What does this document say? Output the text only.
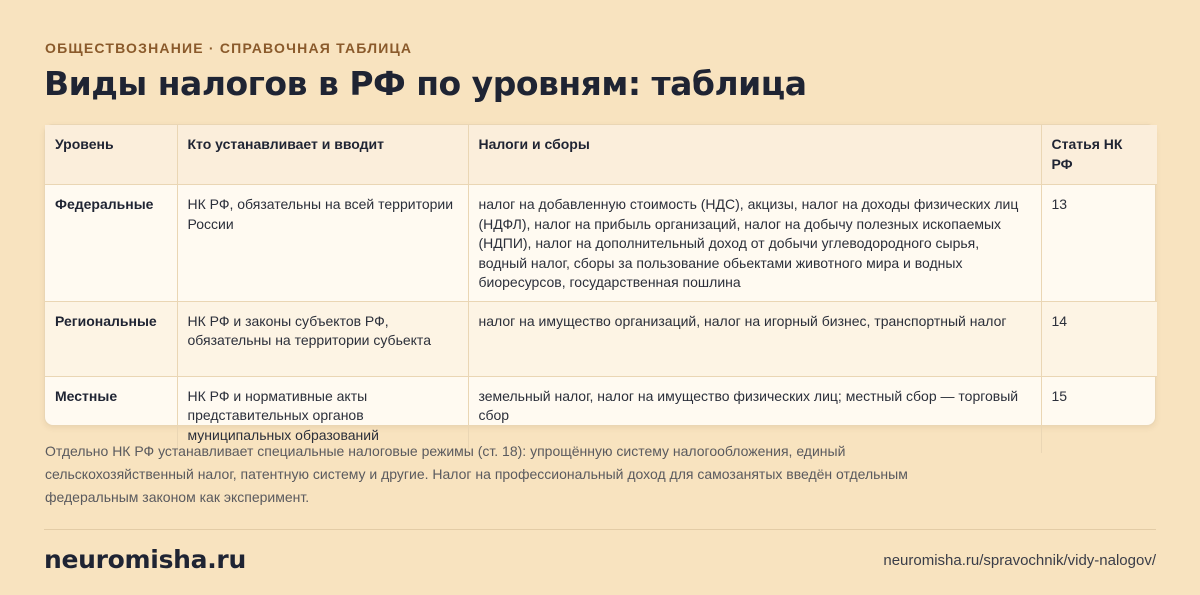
ОБЩЕСТВОЗНАНИЕ · СПРАВОЧНАЯ ТАБЛИЦА
Виды налогов в РФ по уровням: таблица
Уровень	Кто устанавливает и вводит	Налоги и сборы	Статья НК РФ
Федеральные	НК РФ, обязательны на всей территории России	налог на добавленную стоимость (НДС), акцизы, налог на доходы физических лиц (НДФЛ), налог на прибыль организаций, налог на добычу полезных ископаемых (НДПИ), налог на дополнительный доход от добычи углеводородного сырья, водный налог, сборы за пользование обьектами животного мира и водных биоресурсов, государственная пошлина	13
Региональные	НК РФ и законы субъектов РФ, обязательны на территории субьекта	налог на имущество организаций, налог на игорный бизнес, транспортный налог	14
Местные	НК РФ и нормативные акты представительных органов муниципальных образований	земельный налог, налог на имущество физических лиц; местный сбор — торговый сбор	15
Отдельно НК РФ устанавливает специальные налоговые режимы (ст. 18): упрощённую систему налогообложения, единый сельскохозяйственный налог, патентную систему и другие. Налог на профессиональный доход для самозанятых введён отдельным федеральным законом как эксперимент.
neuromisha.ru	neuromisha.ru/spravochnik/vidy-nalogov/
